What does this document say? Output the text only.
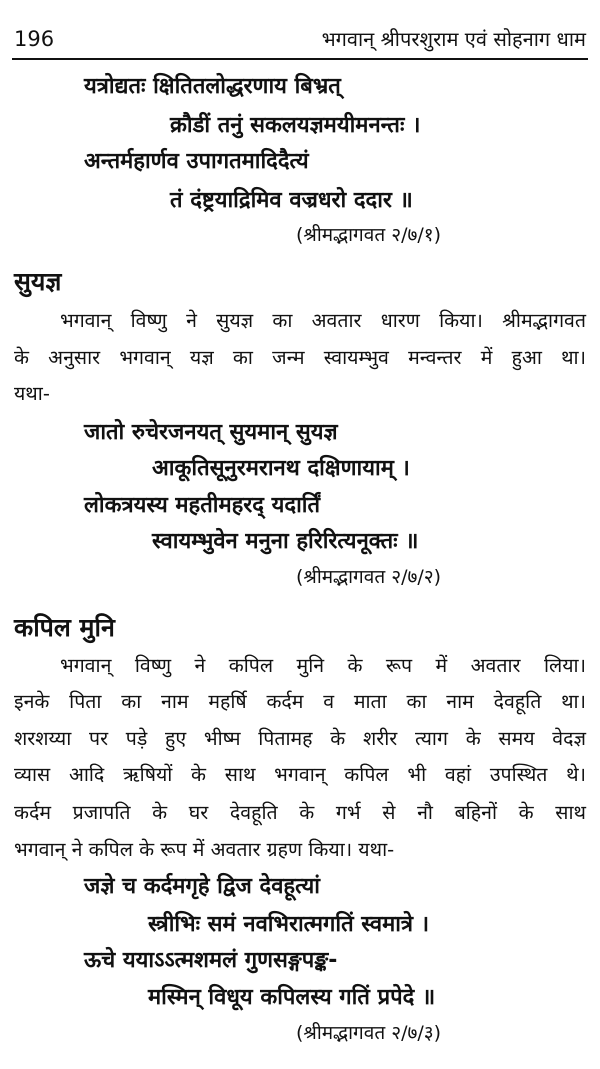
196	भगवान् श्रीपरशुराम एवं सोहनाग धाम
यत्रोद्यतः क्षितितलोद्धरणाय बिभ्रत्
क्रौडीं तनुं सकलयज्ञमयीमनन्तः ।
अन्तर्महार्णव उपागतमादिदैत्यं
तं दंष्ट्रयाद्रिमिव वज्रधरो ददार ॥
(श्रीमद्भागवत २/७/१)
सुयज्ञ
भगवान् विष्णु ने सुयज्ञ का अवतार धारण किया। श्रीमद्भागवत
के अनुसार भगवान् यज्ञ का जन्म स्वायम्भुव मन्वन्तर में हुआ था।
यथा-
जातो रुचेरजनयत् सुयमान् सुयज्ञ
आकूतिसूनुरमरानथ दक्षिणायाम् ।
लोकत्रयस्य महतीमहरद् यदार्तिं
स्वायम्भुवेन मनुना हरिरित्यनूक्तः ॥
(श्रीमद्भागवत २/७/२)
कपिल मुनि
भगवान् विष्णु ने कपिल मुनि के रूप में अवतार लिया।
इनके पिता का नाम महर्षि कर्दम व माता का नाम देवहूति था।
शरशय्या पर पड़े हुए भीष्म पितामह के शरीर त्याग के समय वेदज्ञ
व्यास आदि ऋषियों के साथ भगवान् कपिल भी वहां उपस्थित थे।
कर्दम प्रजापति के घर देवहूति के गर्भ से नौ बहिनों के साथ
भगवान् ने कपिल के रूप में अवतार ग्रहण किया। यथा-
जज्ञे च कर्दमगृहे द्विज देवहूत्यां
स्त्रीभिः समं नवभिरात्मगतिं स्वमात्रे ।
ऊचे ययाऽऽत्मशमलं गुणसङ्गपङ्क-
मस्मिन् विधूय कपिलस्य गतिं प्रपेदे ॥
(श्रीमद्भागवत २/७/३)
